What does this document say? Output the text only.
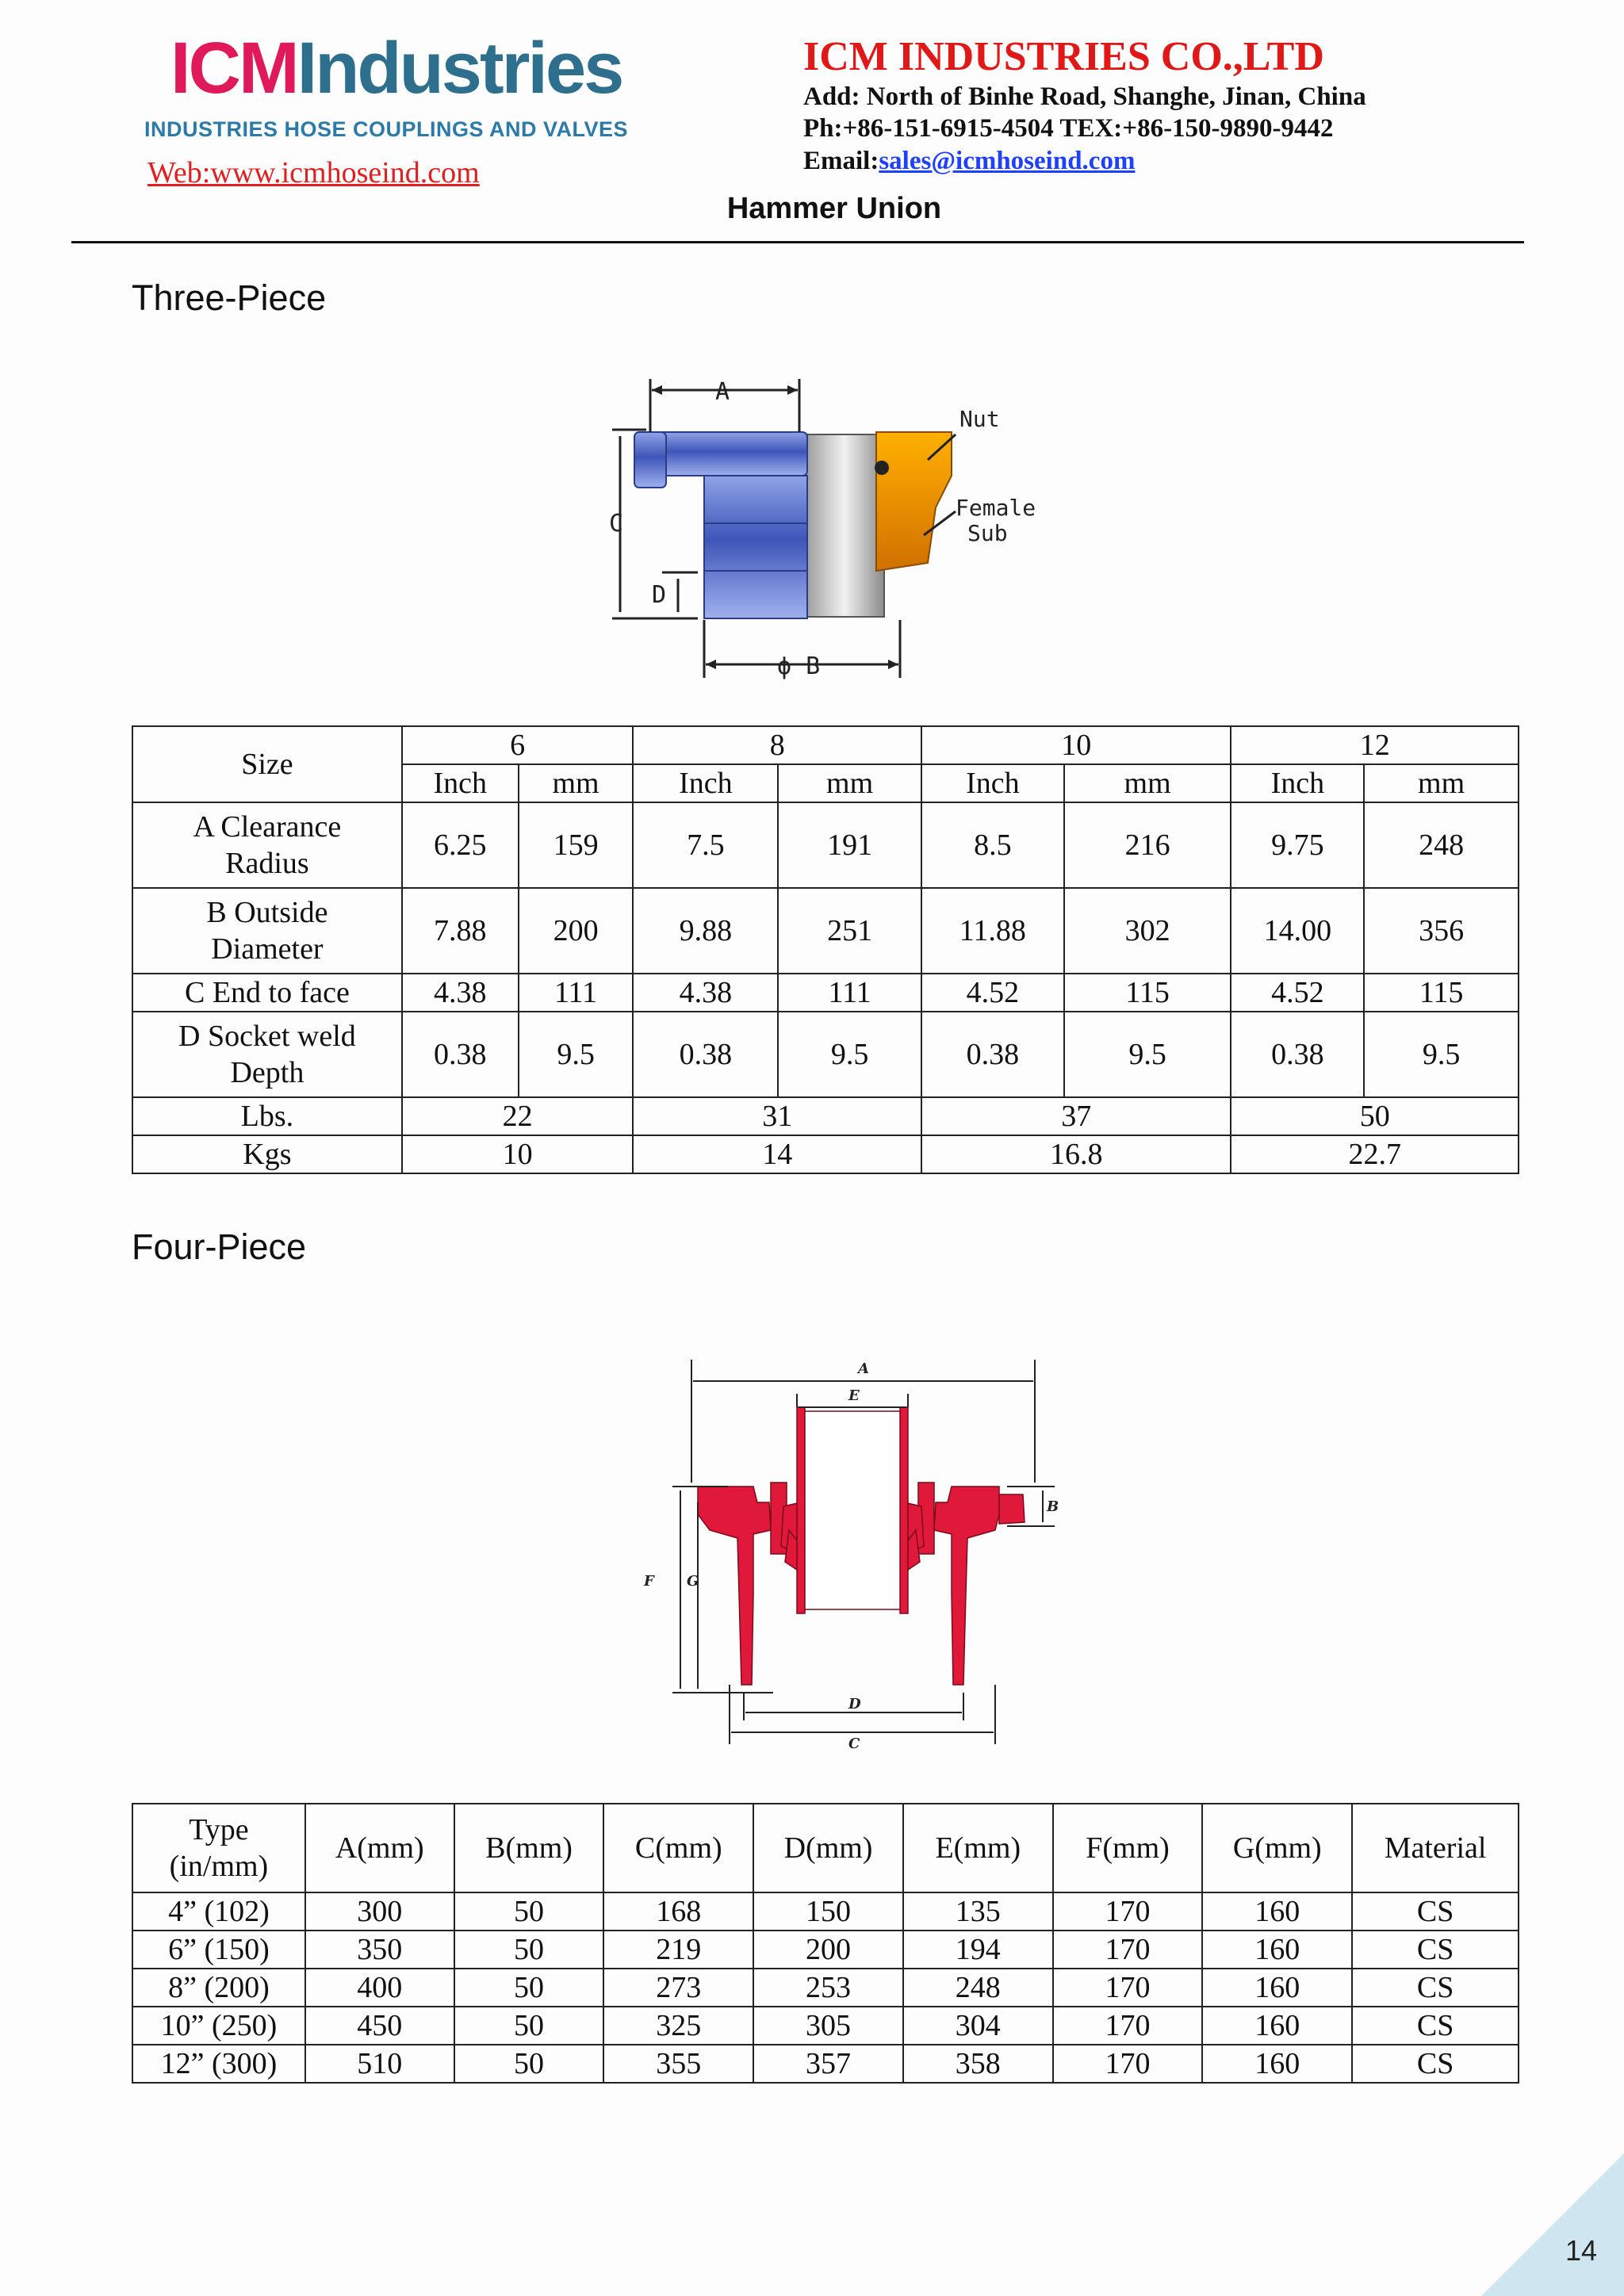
ICMIndustries
INDUSTRIES HOSE COUPLINGS AND VALVES
Web:www.icmhoseind.com
ICM INDUSTRIES CO.,LTD
Add: North of Binhe Road, Shanghe, Jinan, China
Ph:+86-151-6915-4504 TEX:+86-150-9890-9442
Email:sales@icmhoseind.com
Hammer Union
Three-Piece
A
C
D
ϕ B
Nut
Female
Sub
Size	6		8		10		12	
	Inch	mm	Inch	mm	Inch	mm	Inch	mm
A Clearance Radius	6.25	159	7.5	191	8.5	216	9.75	248
B Outside Diameter	7.88	200	9.88	251	11.88	302	14.00	356
C End to face	4.38	111	4.38	111	4.52	115	4.52	115
D Socket weld Depth	0.38	9.5	0.38	9.5	0.38	9.5	0.38	9.5
Lbs.	22		31		37		50	
Kgs	10		14		16.8		22.7	
Four-Piece
A
E
B
F G
D
C
Type (in/mm)	A(mm)	B(mm)	C(mm)	D(mm)	E(mm)	F(mm)	G(mm)	Material
4” (102)	300	50	168	150	135	170	160	CS
6” (150)	350	50	219	200	194	170	160	CS
8” (200)	400	50	273	253	248	170	160	CS
10” (250)	450	50	325	305	304	170	160	CS
12” (300)	510	50	355	357	358	170	160	CS
14
